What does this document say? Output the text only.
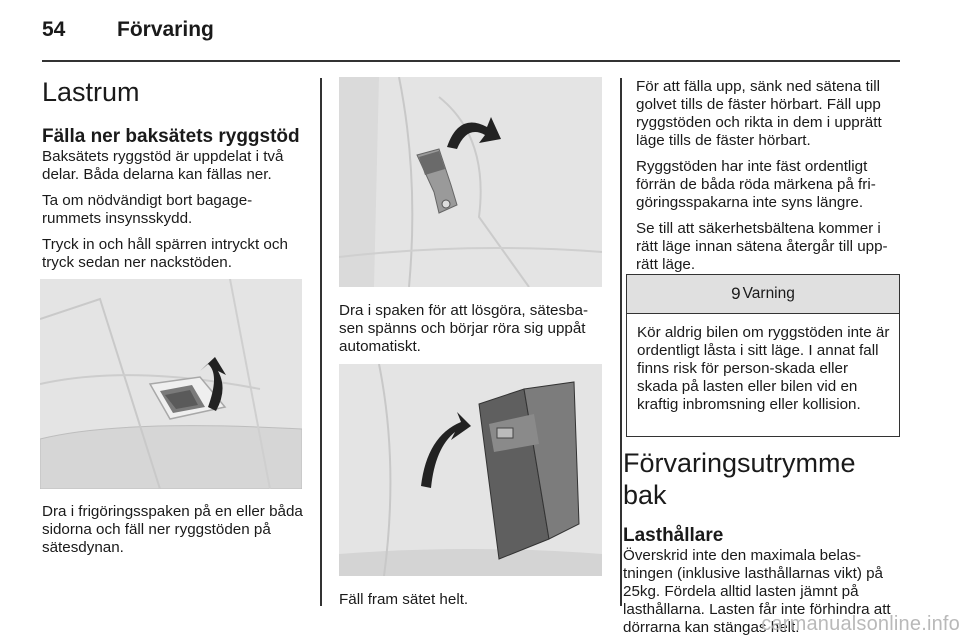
54 Förvaring
Lastrum
Fälla ner baksätets ryggstöd

Baksätets ryggstöd är uppdelat i två delar. Båda delarna kan fällas ner.

Ta om nödvändigt bort bagage-rummets insynsskydd.

Tryck in och håll spärren intryckt och tryck sedan ner nackstöden.

Dra i frigöringsspaken på en eller båda sidorna och fäll ner ryggstöden på sätesdynan.

Dra i spaken för att lösgöra, sätesba-sen spänns och börjar röra sig uppåt automatiskt.

Fäll fram sätet helt.

För att fälla upp, sänk ned sätena till golvet tills de fäster hörbart. Fäll upp ryggstöden och rikta in dem i upprätt läge tills de fäster hörbart.

Ryggstöden har inte fäst ordentligt förrän de båda röda märkena på fri-göringsspakarna inte syns längre.

Se till att säkerhetsbältena kommer i rätt läge innan sätena återgår till upp-rätt läge.

9 Varning
Kör aldrig bilen om ryggstöden inte är ordentligt låsta i sitt läge. I annat fall finns risk för person-skada eller skada på lasten eller bilen vid en kraftig inbromsning eller kollision.
Förvaringsutrymme bak
Lasthållare

Överskrid inte den maximala belas-tningen (inklusive lasthållarnas vikt) på 25kg. Fördela alltid lasten jämnt på lasthållarna. Lasten får inte förhindra att dörrarna kan stängas helt.

carmanualsonline.info
